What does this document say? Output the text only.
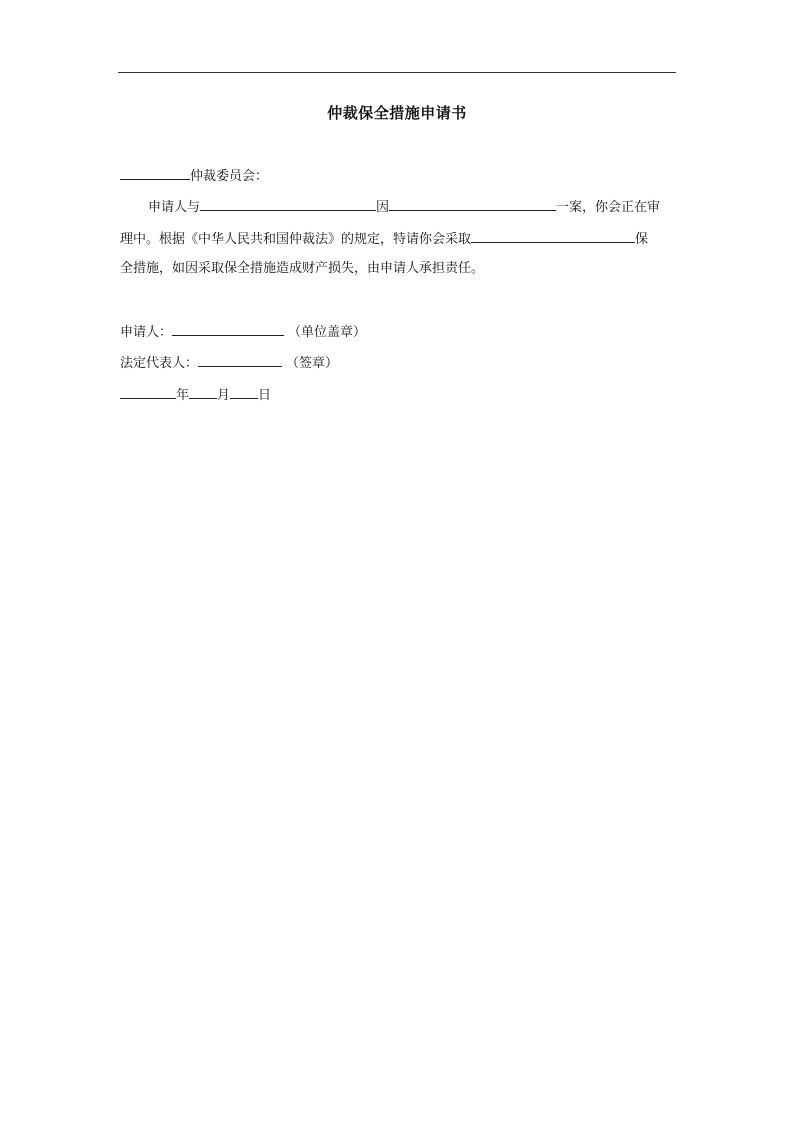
仲裁保全措施申请书
仲裁委员会：
申请人与	因	一案，你会正在审
理中。根据《中华人民共和国仲裁法》的规定，特请你会采取	保
全措施，如因采取保全措施造成财产损失，由申请人承担责任。
申请人：	（单位盖章）
法定代表人：	（签章）
年 月 日
